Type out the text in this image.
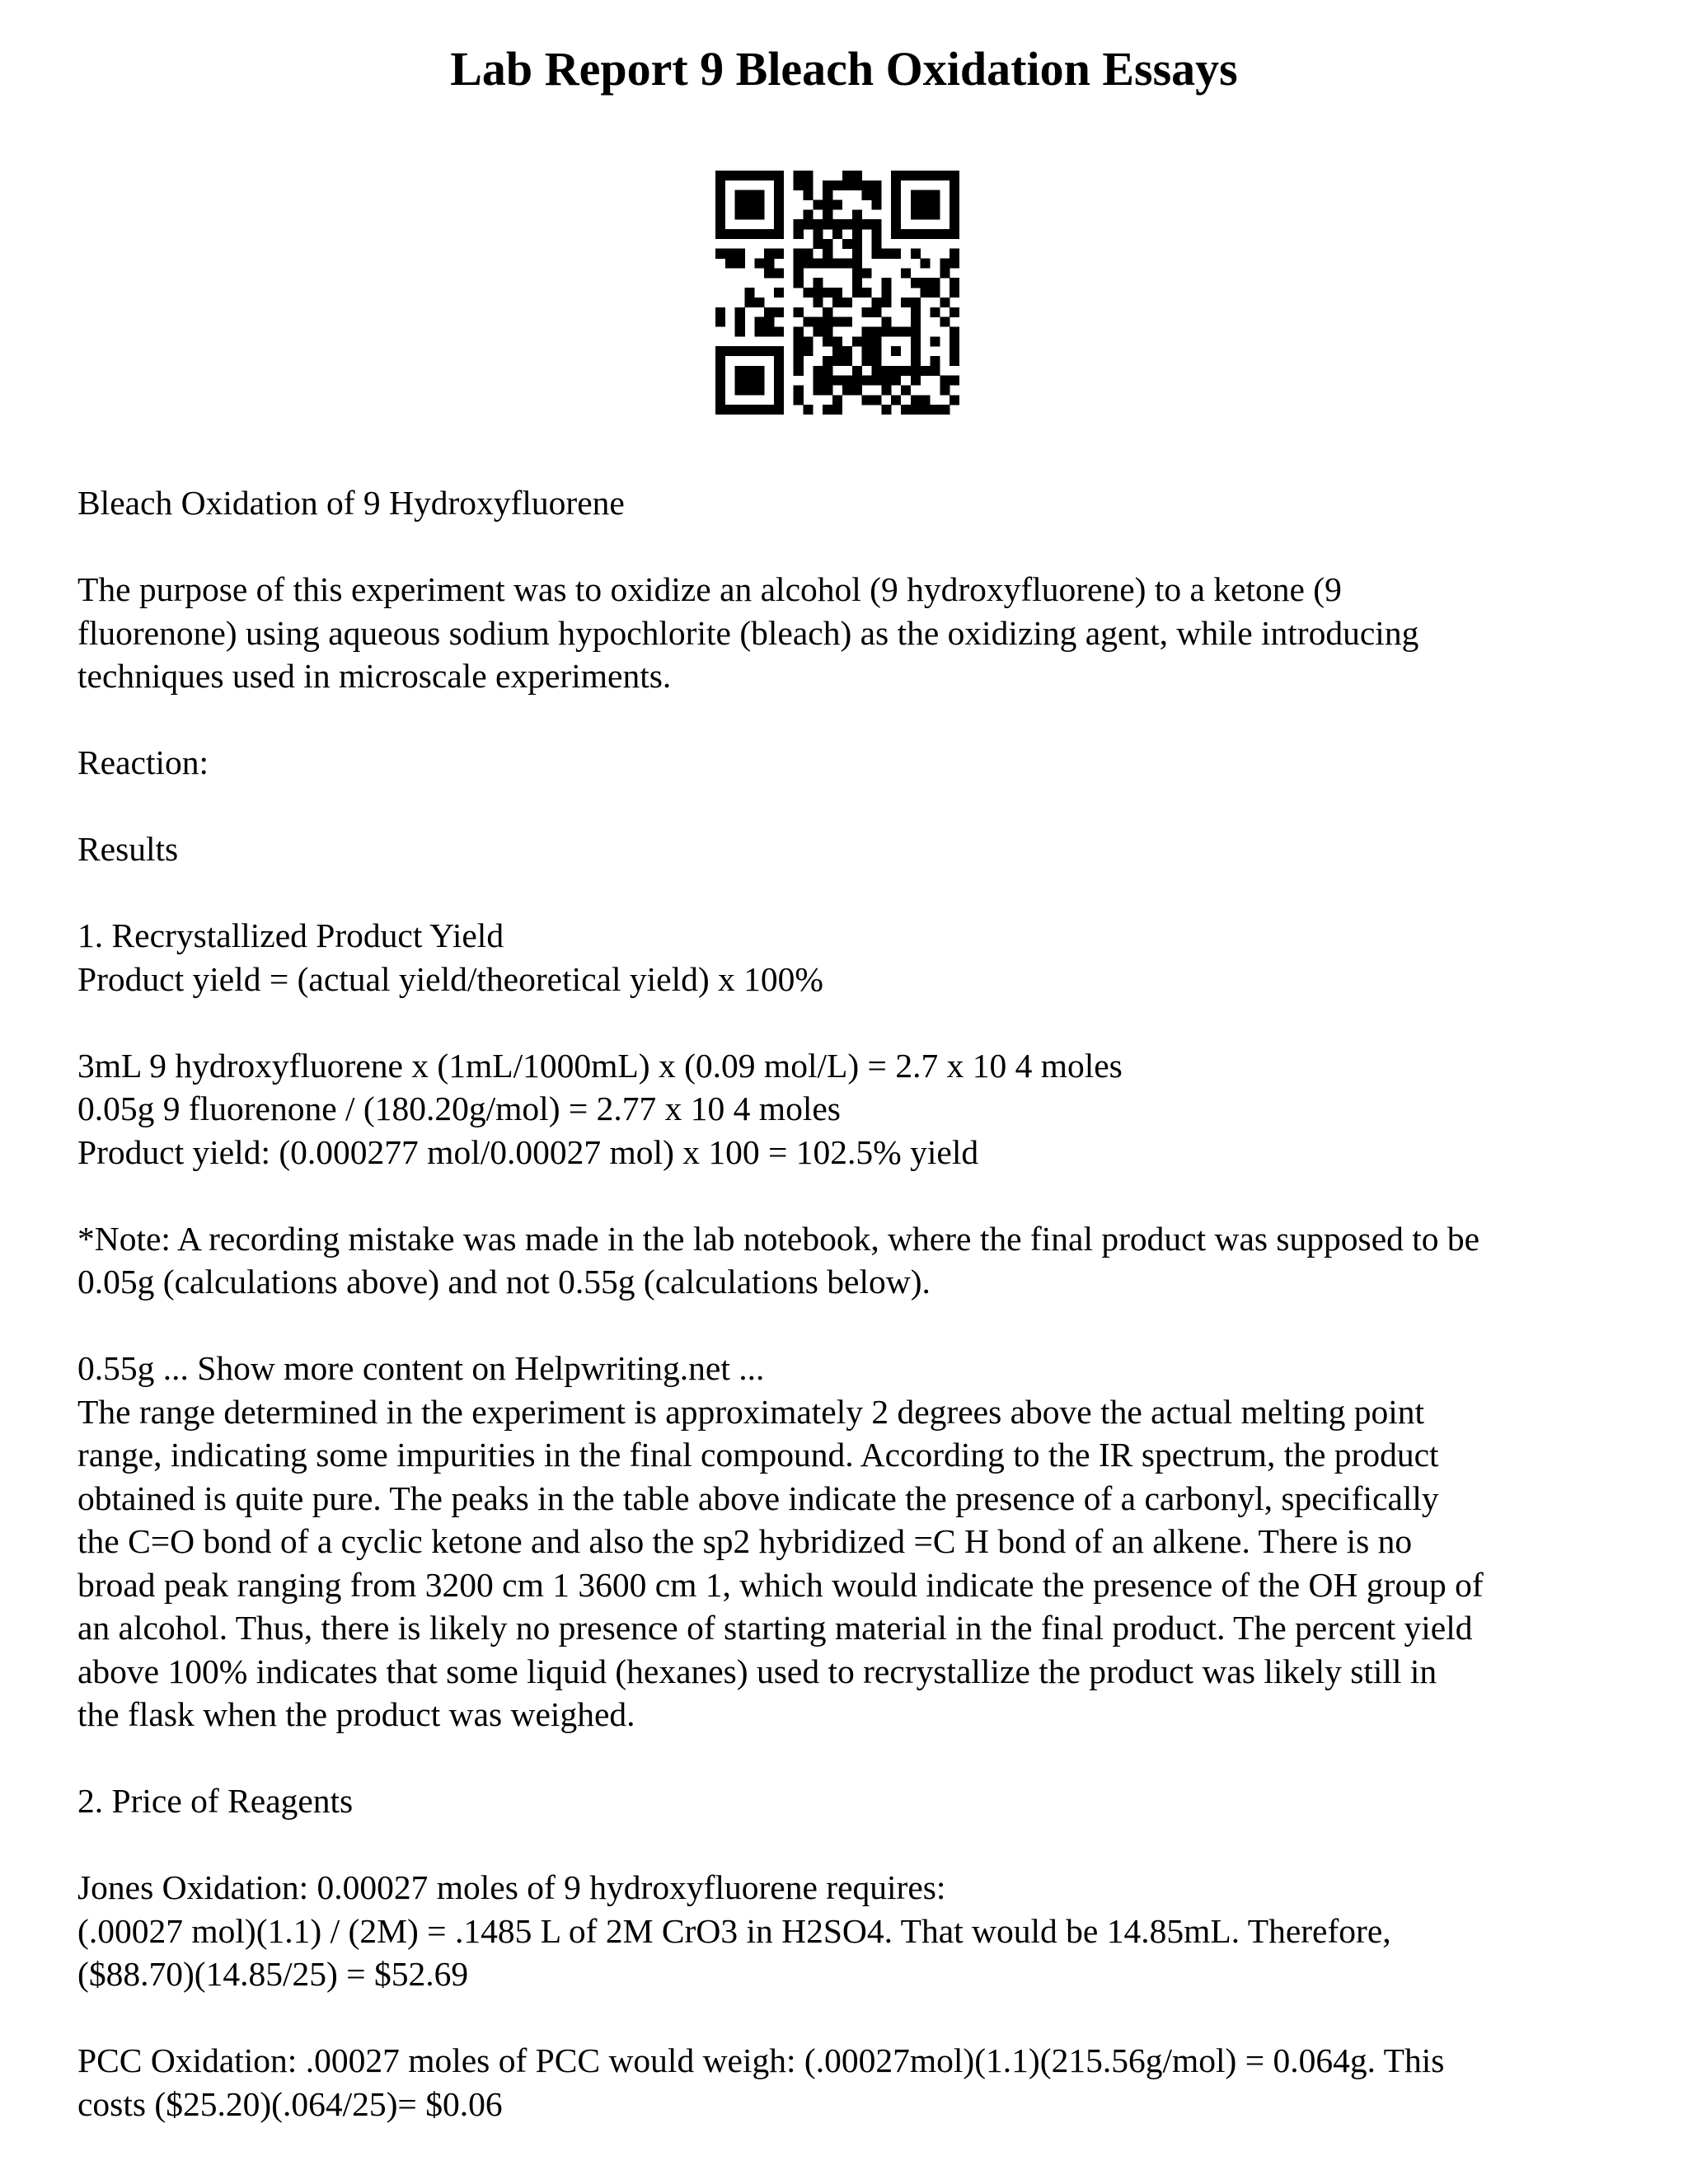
Lab Report 9 Bleach Oxidation Essays

Bleach Oxidation of 9 Hydroxyfluorene

The purpose of this experiment was to oxidize an alcohol (9 hydroxyfluorene) to a ketone (9
fluorenone) using aqueous sodium hypochlorite (bleach) as the oxidizing agent, while introducing
techniques used in microscale experiments.

Reaction:

Results

1. Recrystallized Product Yield
Product yield = (actual yield/theoretical yield) x 100%

3mL 9 hydroxyfluorene x (1mL/1000mL) x (0.09 mol/L) = 2.7 x 10 4 moles
0.05g 9 fluorenone / (180.20g/mol) = 2.77 x 10 4 moles
Product yield: (0.000277 mol/0.00027 mol) x 100 = 102.5% yield

*Note: A recording mistake was made in the lab notebook, where the final product was supposed to be
0.05g (calculations above) and not 0.55g (calculations below).

0.55g ... Show more content on Helpwriting.net ...
The range determined in the experiment is approximately 2 degrees above the actual melting point
range, indicating some impurities in the final compound. According to the IR spectrum, the product
obtained is quite pure. The peaks in the table above indicate the presence of a carbonyl, specifically
the C=O bond of a cyclic ketone and also the sp2 hybridized =C H bond of an alkene. There is no
broad peak ranging from 3200 cm 1 3600 cm 1, which would indicate the presence of the OH group of
an alcohol. Thus, there is likely no presence of starting material in the final product. The percent yield
above 100% indicates that some liquid (hexanes) used to recrystallize the product was likely still in
the flask when the product was weighed.

2. Price of Reagents

Jones Oxidation: 0.00027 moles of 9 hydroxyfluorene requires:
(.00027 mol)(1.1) / (2M) = .1485 L of 2M CrO3 in H2SO4. That would be 14.85mL. Therefore,
($88.70)(14.85/25) = $52.69

PCC Oxidation: .00027 moles of PCC would weigh: (.00027mol)(1.1)(215.56g/mol) = 0.064g. This
costs ($25.20)(.064/25)= $0.06
